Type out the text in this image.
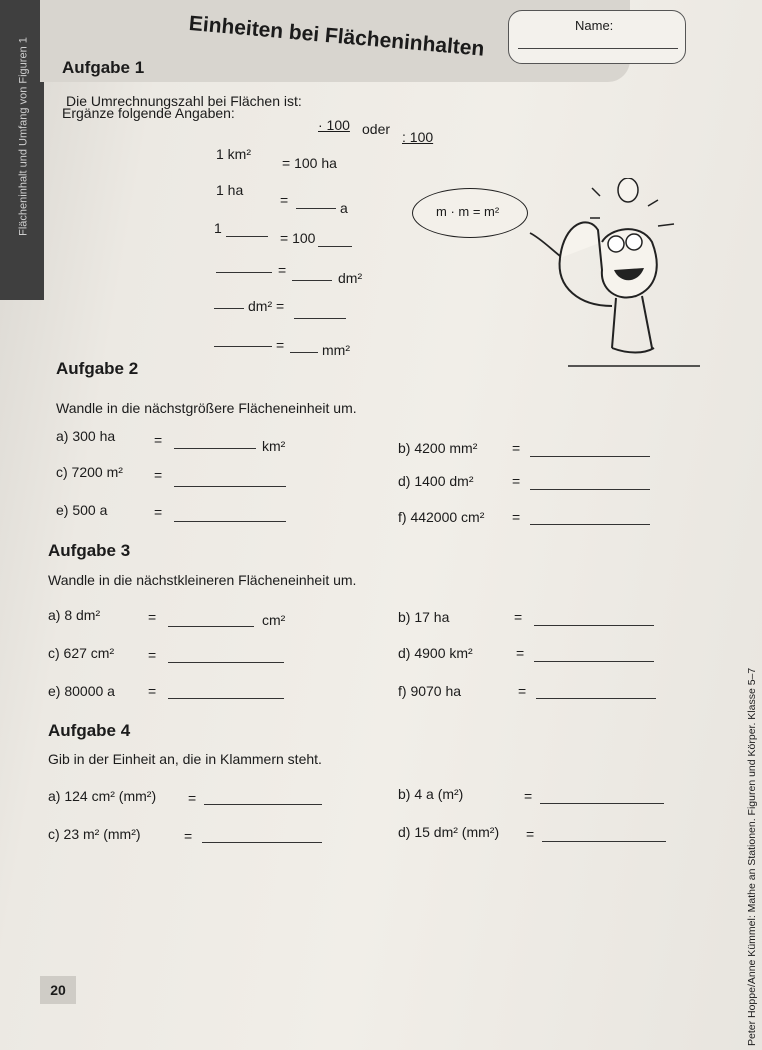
Flächeninhalt und Umfang von Figuren 1
Einheiten bei Flächeninhalten	Name:
Aufgabe 1
Die Umrechnungszahl bei Flächen ist:
· 100 oder : 100
Ergänze folgende Angaben:
1 km²
= 100 ha
1 ha
=	a
1
= 100
=	dm²
dm² =
=	mm²
m · m = m²
Aufgabe 2
Wandle in die nächstgrößere Flächeneinheit um.
a) 300 ha	=	km²	b) 4200 mm² =
c) 7200 m² =	d) 1400 dm²	=
e) 500 a	=	f) 442000 cm² =
Aufgabe 3
Wandle in die nächstkleineren Flächeneinheit um.
a) 8 dm²	=	cm²	b) 17 ha	=
c) 627 cm² =	d) 4900 km²	=
e) 80000 a =	f) 9070 ha	=
Aufgabe 4
Gib in der Einheit an, die in Klammern steht.
a) 124 cm² (mm²) =	b) 4 a (m²)	=
c) 23 m² (mm²)	=	d) 15 dm² (mm²) =
20	Peter Hoppe/Anne Kümmel: Mathe an Stationen. Figuren und Körper. Klasse 5–7
